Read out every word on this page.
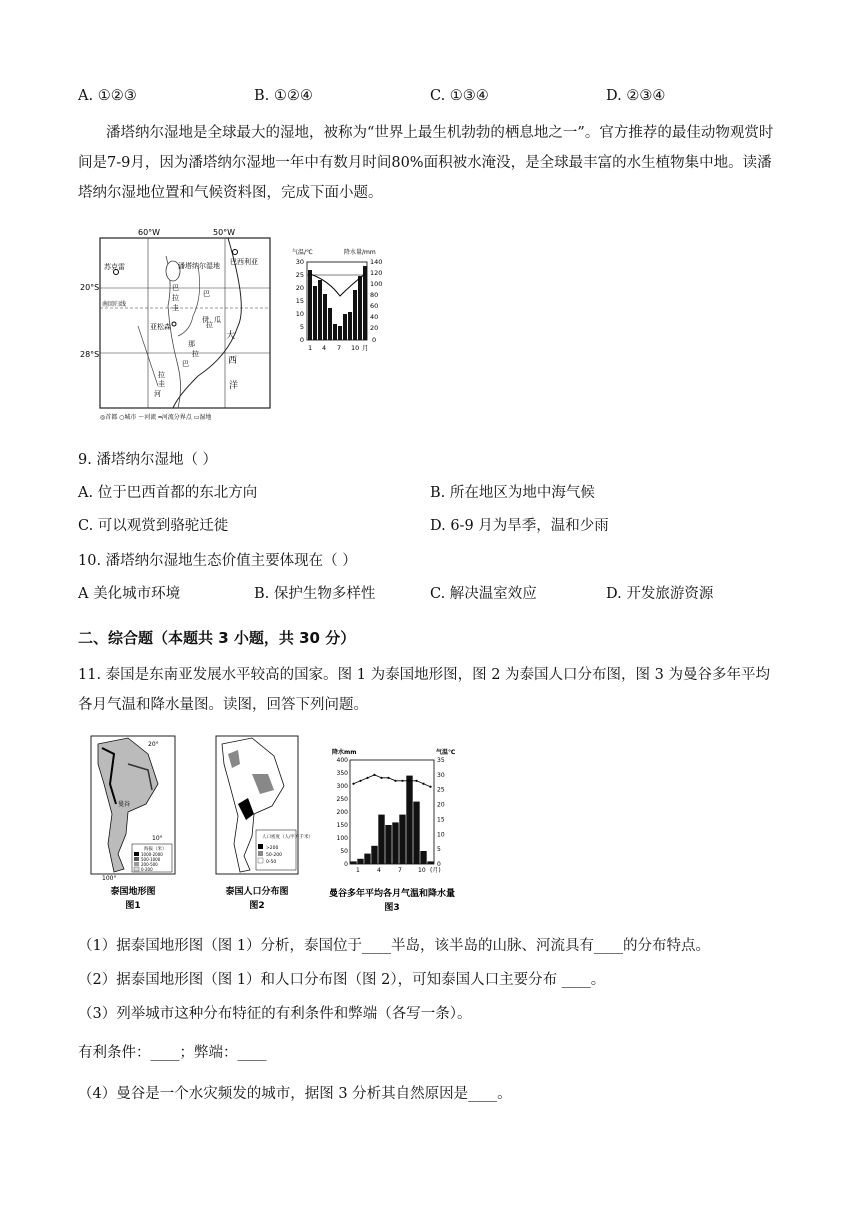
A. ①②③	B. ①②④	C. ①③④	D. ②③④
潘塔纳尔湿地是全球最大的湿地，被称为“世界上最生机勃勃的栖息地之一”。官方推荐的最佳动物观赏时间是7-9月，因为潘塔纳尔湿地一年中有数月时间80%面积被水淹没，是全球最丰富的水生植物集中地。读潘塔纳尔湿地位置和气候资料图，完成下面小题。
60°W	50°W
20°S
28°S
潘塔纳尔湿地 巴西利亚
苏克雷
巴
拉
圭
巴
拉
伊 瓜
大
西
洋
亚松森
那
拉
巴
拉
圭
河
南回归线
◎首都 ○城市 ～河流 ━河流分界点 ▭湿地
气温/℃	降水量/mm
30
25
20
15
10
5
0
140
120
100
80
60
40
20
0
1 4 7 10 月
9. 潘塔纳尔湿地（ ）
A. 位于巴西首都的东北方向	B. 所在地区为地中海气候
C. 可以观赏到骆驼迁徙	D. 6-9 月为旱季，温和少雨
10. 潘塔纳尔湿地生态价值主要体现在（ ）
A 美化城市环境	B. 保护生物多样性	C. 解决温室效应	D. 开发旅游资源
二、综合题（本题共 3 小题，共 30 分）
11. 泰国是东南亚发展水平较高的国家。图 1 为泰国地形图，图 2 为泰国人口分布图，图 3 为曼谷多年平均各月气温和降水量图。读图，回答下列问题。
20°
曼谷
10°
100°
海拔（米）
1000-2000
500-1000
200-500
0-200
泰国地形图
图1
人口密度（人/平方千米）
>200
50-200
0-50
泰国人口分布图
图2
降水mm	气温℃
400
350
300
250
200
150
100
50
0
35
30
25
20
15
10
5
0
1	4	7	10 (月)
曼谷多年平均各月气温和降水量
图3
（1）据泰国地形图（图 1）分析，泰国位于____半岛，该半岛的山脉、河流具有____的分布特点。
（2）据泰国地形图（图 1）和人口分布图（图 2），可知泰国人口主要分布 ____。
（3）列举城市这种分布特征的有利条件和弊端（各写一条）。
有利条件：____；弊端：____
（4）曼谷是一个水灾频发的城市，据图 3 分析其自然原因是____。
